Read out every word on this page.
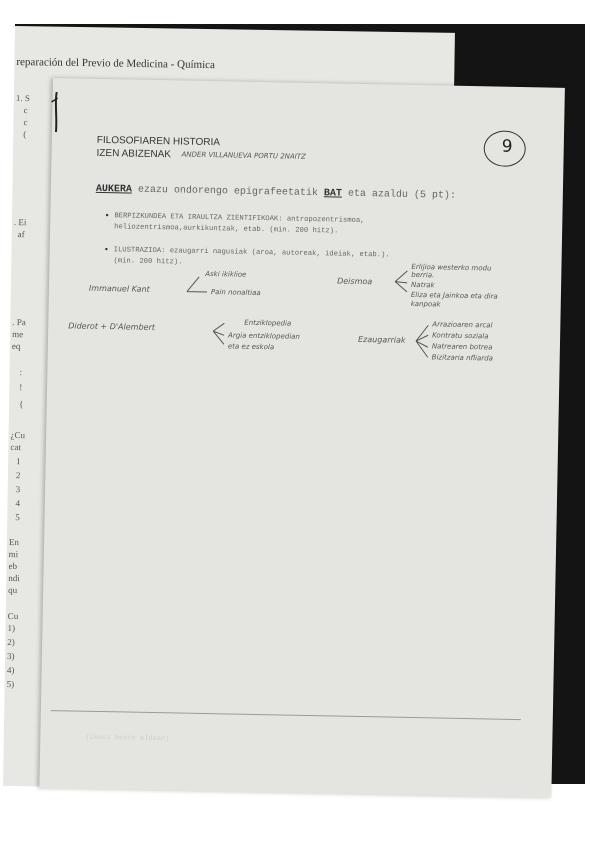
reparación del Previo de Medicina - Química
1. S
c
c
(
. Ei
af
. Pa
me
eq
:
!
{
¿Cu
cat
1
2
3
4
5
En
mi
eb
ndi
qu
Cu
1)
2)
3)
4)
5)
FILOSOFIAREN HISTORIA
IZEN ABIZENAK ANDER VILLANUEVA PORTU 2NAITZ	9
AUKERA ezazu ondorengo epigrafeetatik BAT eta azaldu (5 pt):
• BERPIZKUNDEA ETA IRAULTZA ZIENTIFIKOAK: antropozentrismoa,
heliozentrismoa,aurkikuntzak, etab. (min. 200 hitz).
• ILUSTRAZIOA: ezaugarri nagusiak (aroa, autoreak, ideiak, etab.).
(min. 200 hitz).
Immanuel Kant
Aski ikiklioe
Pain nonaltiaa
Deismoa
Erlijioa westerko modu
berria.
Natrak
Eliza eta Jainkoa eta dira
kanpoak
Diderot + D'Alembert	Entziklopedia
Argia entziklopedian
eta ez eskola
Ezaugarriak
Arrazioaren arcal
Kontratu soziala
Natrearen botrea
Bizitzaria nfliarda
(ikusi beste aldean)
